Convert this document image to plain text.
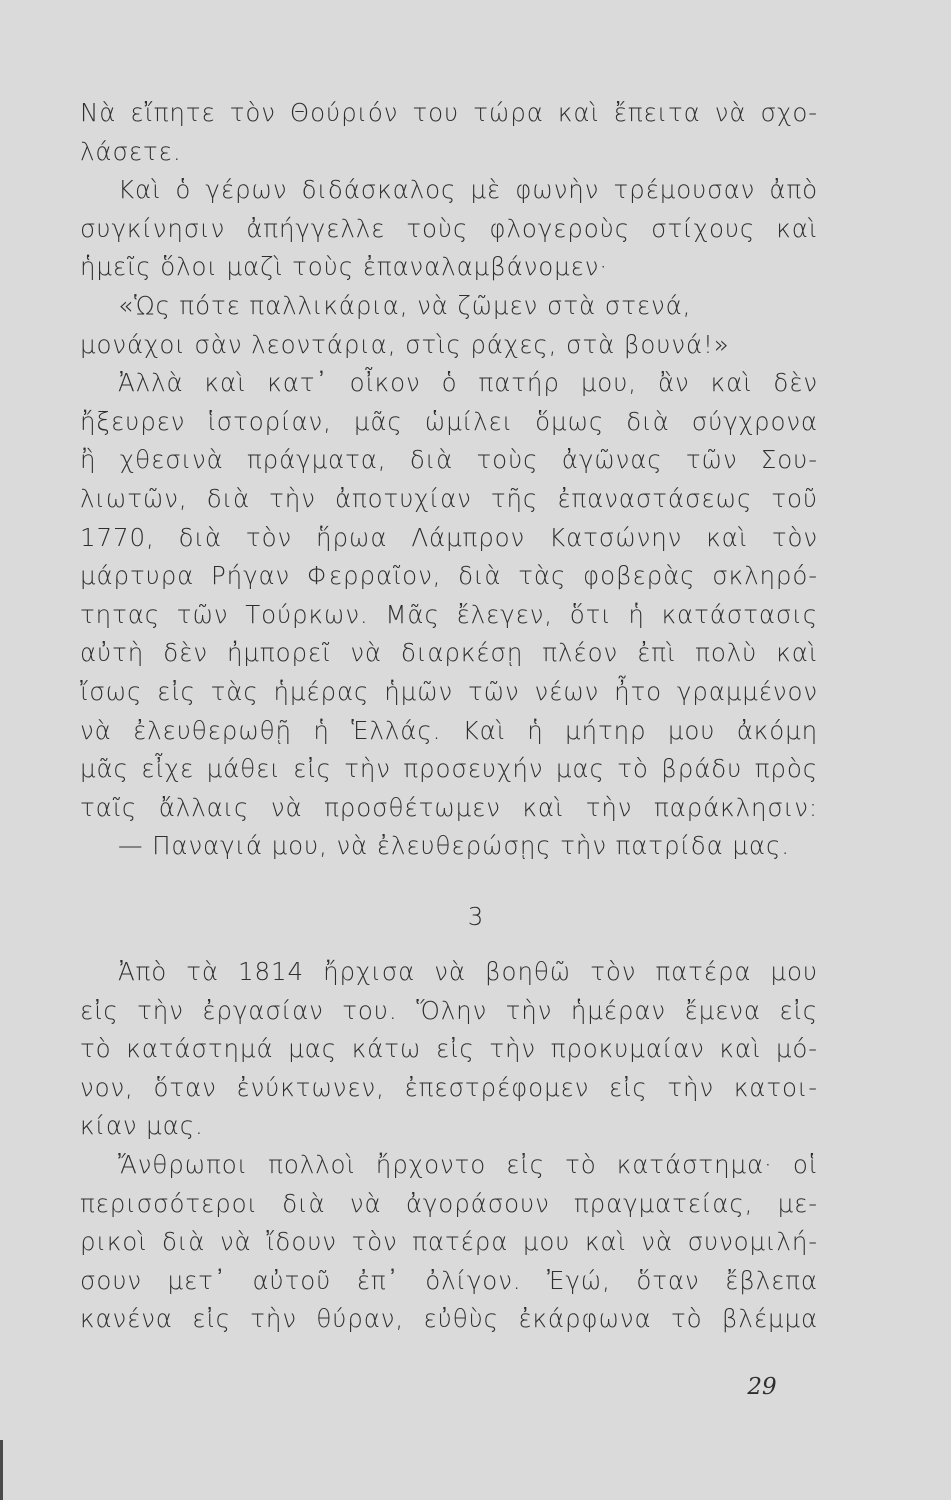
Νὰ εἴπητε τὸν Θούριόν του τώρα καὶ ἔπειτα νὰ σχο-
λάσετε.
Καὶ ὁ γέρων διδάσκαλος μὲ φωνὴν τρέμουσαν ἀπὸ
συγκίνησιν ἀπήγγελλε τοὺς φλογεροὺς στίχους καὶ
ἡμεῖς ὅλοι μαζὶ τοὺς ἐπαναλαμβάνομεν·
«Ὡς πότε παλλικάρια, νὰ ζῶμεν στὰ στενά,
μονάχοι σὰν λεοντάρια, στὶς ράχες, στὰ βουνά!»
Ἀλλὰ καὶ κατ᾽ οἶκον ὁ πατήρ μου, ἂν καὶ δὲν
ἤξευρεν ἱστορίαν, μᾶς ὡμίλει ὅμως διὰ σύγχρονα
ἢ χθεσινὰ πράγματα, διὰ τοὺς ἀγῶνας τῶν Σου-
λιωτῶν, διὰ τὴν ἀποτυχίαν τῆς ἐπαναστάσεως τοῦ
1770, διὰ τὸν ἥρωα Λάμπρον Κατσώνην καὶ τὸν
μάρτυρα Ρήγαν Φερραῖον, διὰ τὰς φοβερὰς σκληρό-
τητας τῶν Τούρκων. Μᾶς ἔλεγεν, ὅτι ἡ κατάστασις
αὐτὴ δὲν ἠμπορεῖ νὰ διαρκέσῃ πλέον ἐπὶ πολὺ καὶ
ἴσως εἰς τὰς ἡμέρας ἡμῶν τῶν νέων ἦτο γραμμένον
νὰ ἐλευθερωθῇ ἡ Ἑλλάς. Καὶ ἡ μήτηρ μου ἀκόμη
μᾶς εἶχε μάθει εἰς τὴν προσευχήν μας τὸ βράδυ πρὸς
ταῖς ἄλλαις νὰ προσθέτωμεν καὶ τὴν παράκλησιν:
— Παναγιά μου, νὰ ἐλευθερώσῃς τὴν πατρίδα μας.
3
Ἀπὸ τὰ 1814 ἤρχισα νὰ βοηθῶ τὸν πατέρα μου
εἰς τὴν ἐργασίαν του. Ὅλην τὴν ἡμέραν ἔμενα εἰς
τὸ κατάστημά μας κάτω εἰς τὴν προκυμαίαν καὶ μό-
νον, ὅταν ἐνύκτωνεν, ἐπεστρέφομεν εἰς τὴν κατοι-
κίαν μας.
Ἄνθρωποι πολλοὶ ἤρχοντο εἰς τὸ κατάστημα· οἱ
περισσότεροι διὰ νὰ ἀγοράσουν πραγματείας, με-
ρικοὶ διὰ νὰ ἴδουν τὸν πατέρα μου καὶ νὰ συνομιλή-
σουν μετ᾽ αὐτοῦ ἐπ᾽ ὀλίγον. Ἐγώ, ὅταν ἔβλεπα
κανένα εἰς τὴν θύραν, εὐθὺς ἐκάρφωνα τὸ βλέμμα
29
